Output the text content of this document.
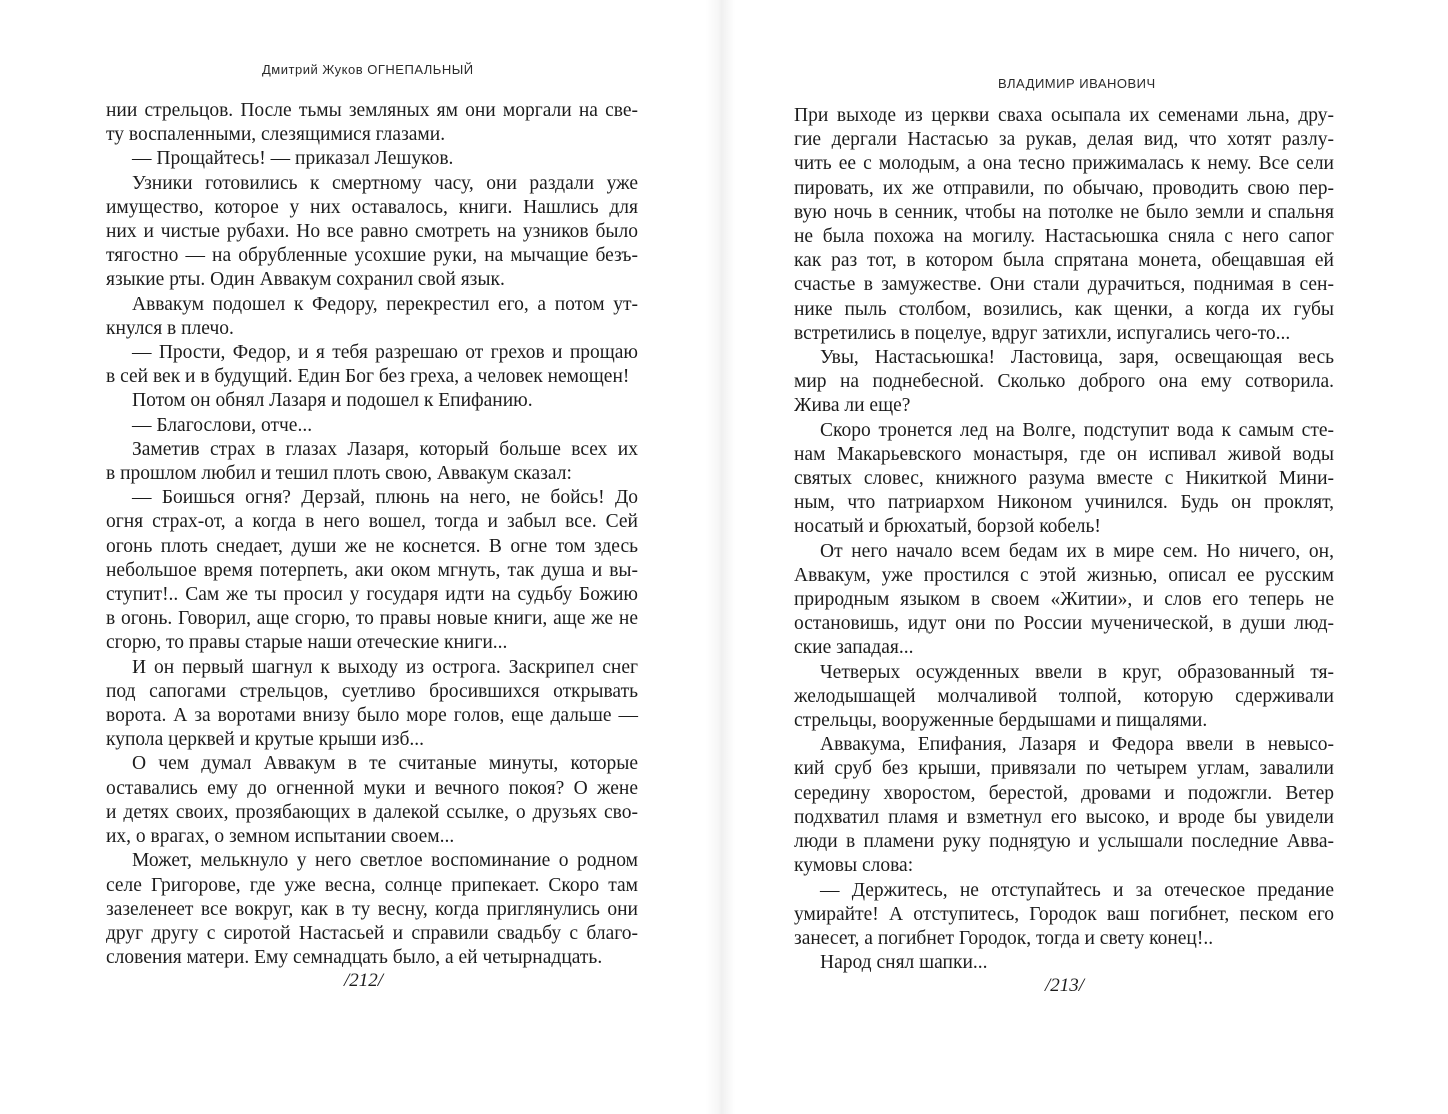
Дмитрий Жуков ОГНЕПАЛЬНЫЙ
нии стрельцов. После тьмы земляных ям они моргали на све-
ту воспаленными, слезящимися глазами.
— Прощайтесь! — приказал Лешуков.
Узники готовились к смертному часу, они раздали уже
имущество, которое у них оставалось, книги. Нашлись для
них и чистые рубахи. Но все равно смотреть на узников было
тягостно — на обрубленные усохшие руки, на мычащие безъ-
языкие рты. Один Аввакум сохранил свой язык.
Аввакум подошел к Федору, перекрестил его, а потом ут-
кнулся в плечо.
— Прости, Федор, и я тебя разрешаю от грехов и прощаю
в сей век и в будущий. Един Бог без греха, а человек немощен!
Потом он обнял Лазаря и подошел к Епифанию.
— Благослови, отче...
Заметив страх в глазах Лазаря, который больше всех их
в прошлом любил и тешил плоть свою, Аввакум сказал:
— Боишься огня? Дерзай, плюнь на него, не бойсь! До
огня страх-от, а когда в него вошел, тогда и забыл все. Сей
огонь плоть снедает, души же не коснется. В огне том здесь
небольшое время потерпеть, аки оком мгнуть, так душа и вы-
ступит!.. Сам же ты просил у государя идти на судьбу Божию
в огонь. Говорил, аще сгорю, то правы новые книги, аще же не
сгорю, то правы старые наши отеческие книги...
И он первый шагнул к выходу из острога. Заскрипел снег
под сапогами стрельцов, суетливо бросившихся открывать
ворота. А за воротами внизу было море голов, еще дальше —
купола церквей и крутые крыши изб...
О чем думал Аввакум в те считаные минуты, которые
оставались ему до огненной муки и вечного покоя? О жене
и детях своих, прозябающих в далекой ссылке, о друзьях сво-
их, о врагах, о земном испытании своем...
Может, мелькнуло у него светлое воспоминание о родном
селе Григорове, где уже весна, солнце припекает. Скоро там
зазеленеет все вокруг, как в ту весну, когда приглянулись они
друг другу с сиротой Настасьей и справили свадьбу с благо-
словения матери. Ему семнадцать было, а ей четырнадцать.
/212/
ВЛАДИМИР ИВАНОВИЧ
При выходе из церкви сваха осыпала их семенами льна, дру-
гие дергали Настасью за рукав, делая вид, что хотят разлу-
чить ее с молодым, а она тесно прижималась к нему. Все сели
пировать, их же отправили, по обычаю, проводить свою пер-
вую ночь в сенник, чтобы на потолке не было земли и спальня
не была похожа на могилу. Настасьюшка сняла с него сапог
как раз тот, в котором была спрятана монета, обещавшая ей
счастье в замужестве. Они стали дурачиться, поднимая в сен-
нике пыль столбом, возились, как щенки, а когда их губы
встретились в поцелуе, вдруг затихли, испугались чего-то...
Увы, Настасьюшка! Ластовица, заря, освещающая весь
мир на поднебесной. Сколько доброго она ему сотворила.
Жива ли еще?
Скоро тронется лед на Волге, подступит вода к самым сте-
нам Макарьевского монастыря, где он испивал живой воды
святых словес, книжного разума вместе с Никиткой Мини-
ным, что патриархом Никоном учинился. Будь он проклят,
носатый и брюхатый, борзой кобель!
От него начало всем бедам их в мире сем. Но ничего, он,
Аввакум, уже простился с этой жизнью, описал ее русским
природным языком в своем «Житии», и слов его теперь не
остановишь, идут они по России мученической, в души люд-
ские западая...
Четверых осужденных ввели в круг, образованный тя-
желодышащей молчаливой толпой, которую сдерживали
стрельцы, вооруженные бердышами и пищалями.
Аввакума, Епифания, Лазаря и Федора ввели в невысо-
кий сруб без крыши, привязали по четырем углам, завалили
середину хворостом, берестой, дровами и подожгли. Ветер
подхватил пламя и взметнул его высоко, и вроде бы увидели
люди в пламени руку поднятую и услышали последние Авва-
кумовы слова:
— Держитесь, не отступайтесь и за отеческое предание
умирайте! А отступитесь, Городок ваш погибнет, песком его
занесет, а погибнет Городок, тогда и свету конец!..
Народ снял шапки...
/213/
